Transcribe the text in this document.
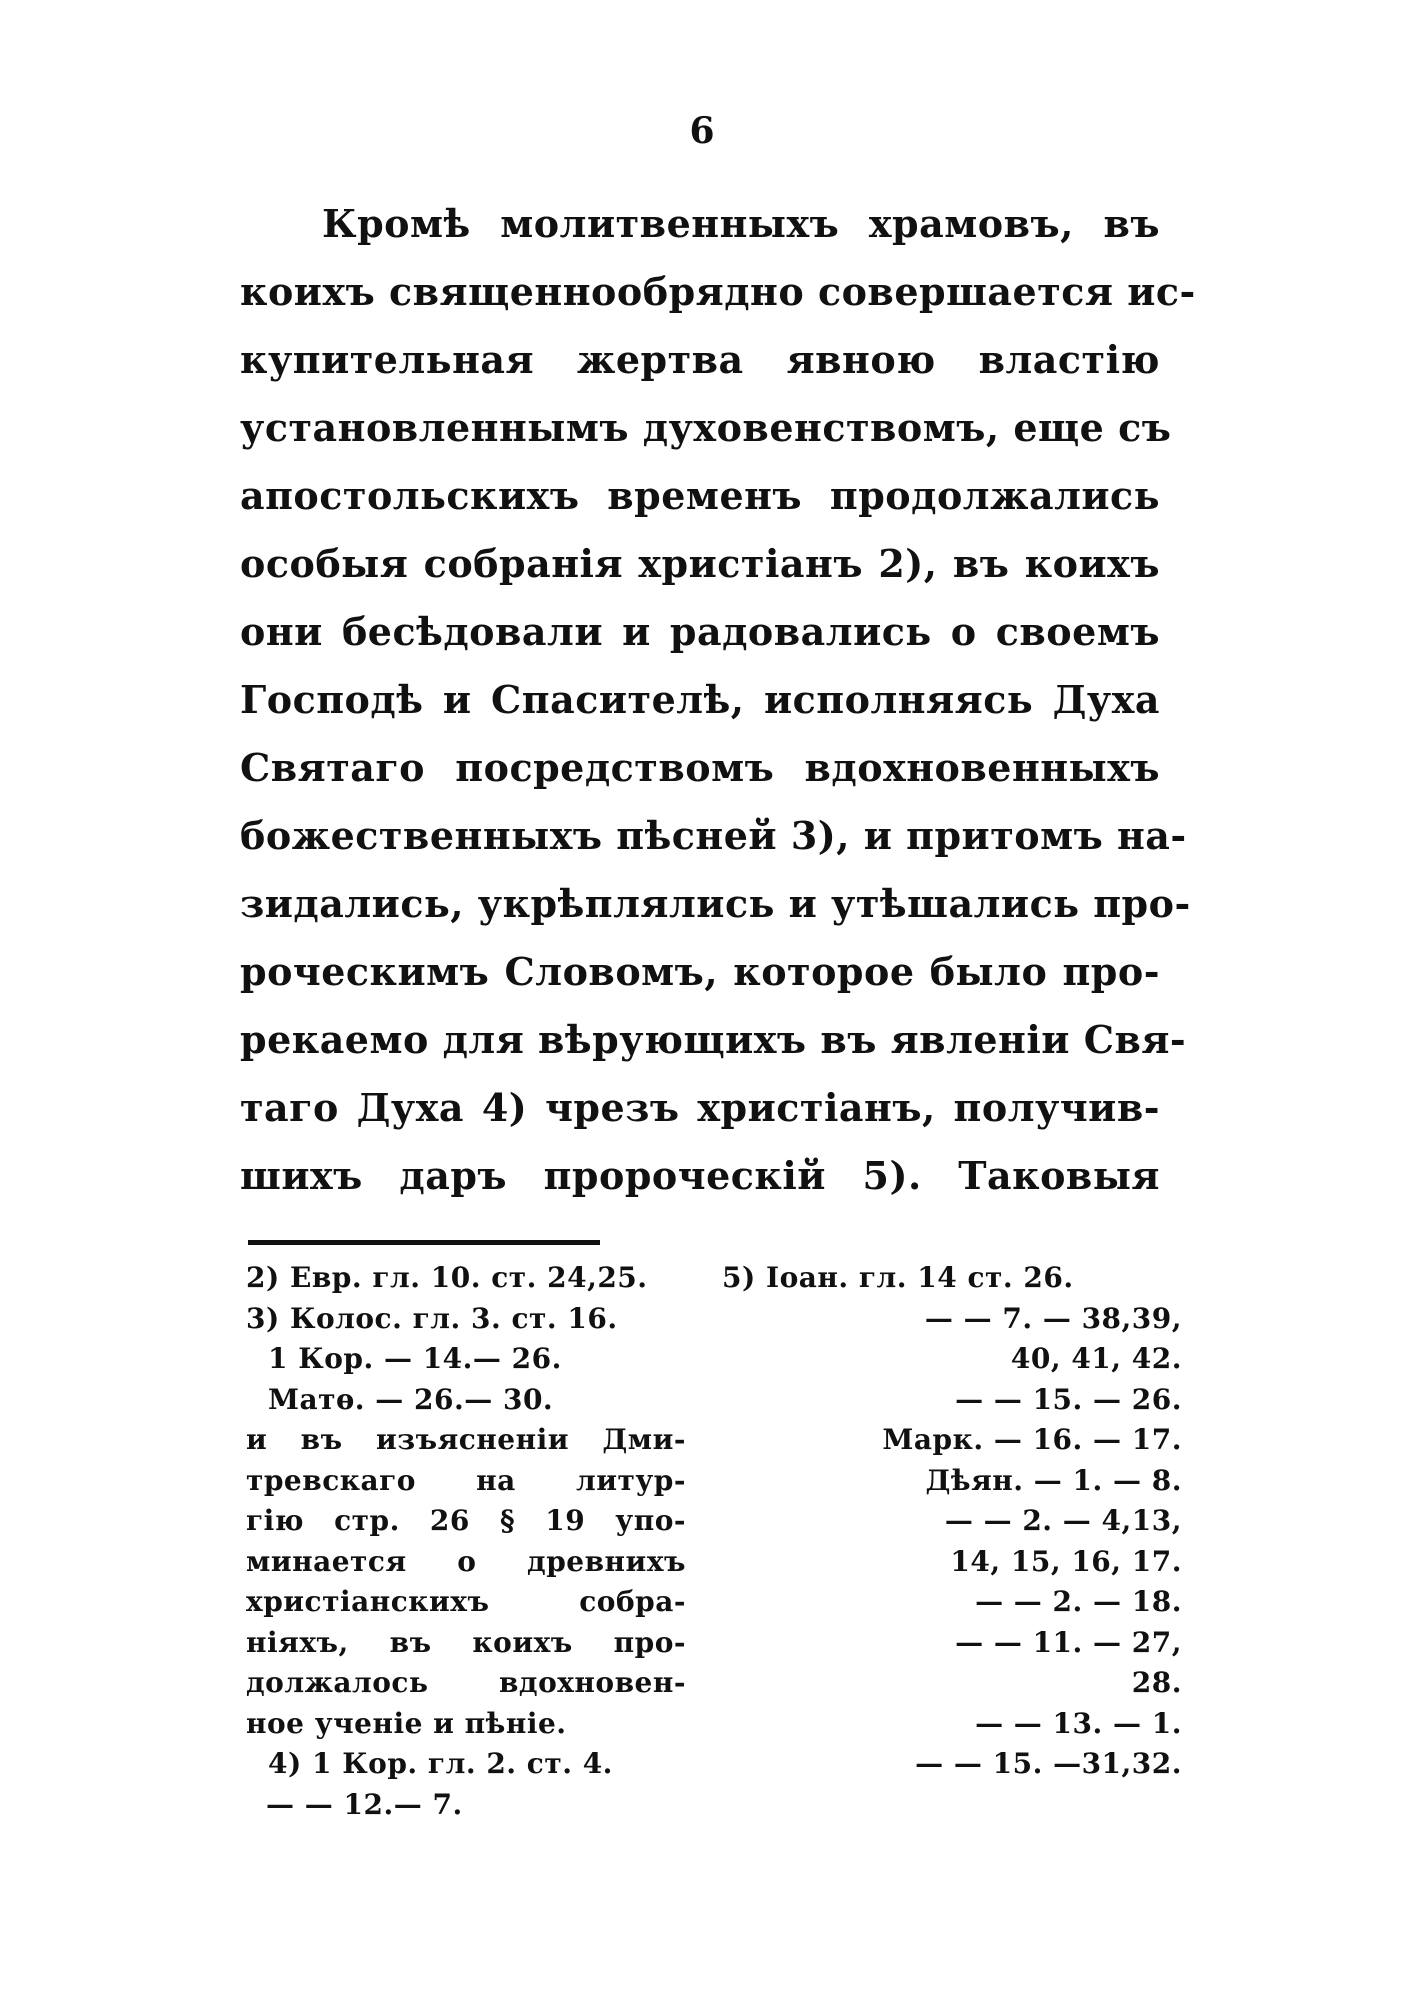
6
Кромѣ молитвенныхъ храмовъ, въ
коихъ священнообрядно совершается ис-
купительная жертва явною властію
установленнымъ духовенствомъ, еще съ
апостольскихъ временъ продолжались
особыя собранія христіанъ 2), въ коихъ
они бесѣдовали и радовались о своемъ
Господѣ и Спасителѣ, исполняясь Духа
Святаго посредствомъ вдохновенныхъ
божественныхъ пѣсней 3), и притомъ на-
зидались, укрѣплялись и утѣшались про-
роческимъ Словомъ, которое было про-
рекаемо для вѣрующихъ въ явленіи Свя-
таго Духа 4) чрезъ христіанъ, получив-
шихъ даръ пророческій 5). Таковыя
2) Евр. гл. 10. ст. 24,25.
3) Колос. гл. 3. ст. 16.
1 Кор. — 14.— 26.
Матѳ. — 26.— 30.
и въ изъясненіи Дми-
тревскаго на литур-
гію стр. 26 § 19 упо-
минается о древнихъ
христіанскихъ собра-
ніяхъ, въ коихъ про-
должалось вдохновен-
ное ученіе и пѣніе.
4) 1 Кор. гл. 2. ст. 4.
— — 12.— 7.
5) Іоан. гл. 14 ст. 26.
— — 7. — 38,39,
40, 41, 42.
— — 15. — 26.
Марк. — 16. — 17.
Дѣян. — 1. — 8.
— — 2. — 4,13,
14, 15, 16, 17.
— — 2. — 18.
— — 11. — 27,
28.
— — 13. — 1.
— — 15. —31,32.
